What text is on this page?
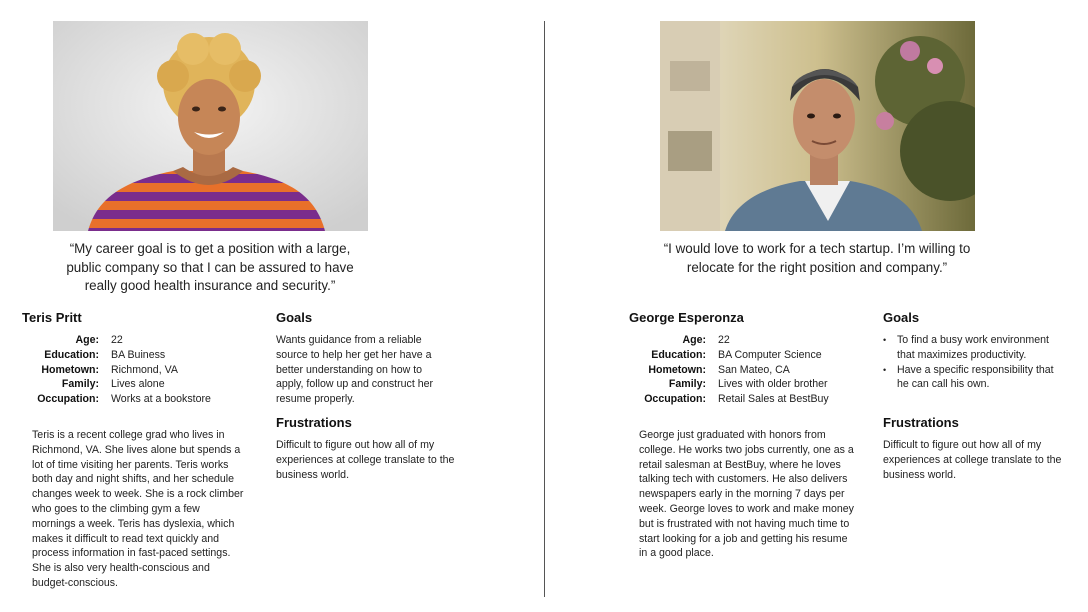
“My career goal is to get a position with a large, public company so that I can be assured to have really good health insurance and security.”
Teris Pritt
Age:	22
Education:	BA Buiness
Hometown:	Richmond, VA
Family:	Lives alone
Occupation:	Works at a bookstore
Teris is a recent college grad who lives in Richmond, VA. She lives alone but spends a lot of time visiting her parents. Teris works both day and night shifts, and her schedule changes week to week. She is a rock climber who goes to the climbing gym a few mornings a week. Teris has dyslexia, which makes it difficult to read text quickly and process information in fast-paced settings. She is also very health-conscious and budget-conscious.
Goals
Wants guidance from a reliable source to help her get her have a better understanding on how to apply, follow up and construct her resume properly.
Frustrations
Difficult to figure out how all of my experiences at college translate to the business world.
“I would love to work for a tech startup. I’m willing to relocate for the right position and company.”
George Esperonza
Age:	22
Education:	BA Computer Science
Hometown:	San Mateo, CA
Family:	Lives with older brother
Occupation:	Retail Sales at BestBuy
George just graduated with honors from college. He works two jobs currently, one as a retail salesman at BestBuy, where he loves talking tech with customers. He also delivers newspapers early in the morning 7 days per week. George loves to work and make money but is frustrated with not having much time to start looking for a job and getting his resume in a good place.
Goals
• To find a busy work environment that maximizes productivity.
• Have a specific responsibility that he can call his own.
Frustrations
Difficult to figure out how all of my experiences at college translate to the business world.
